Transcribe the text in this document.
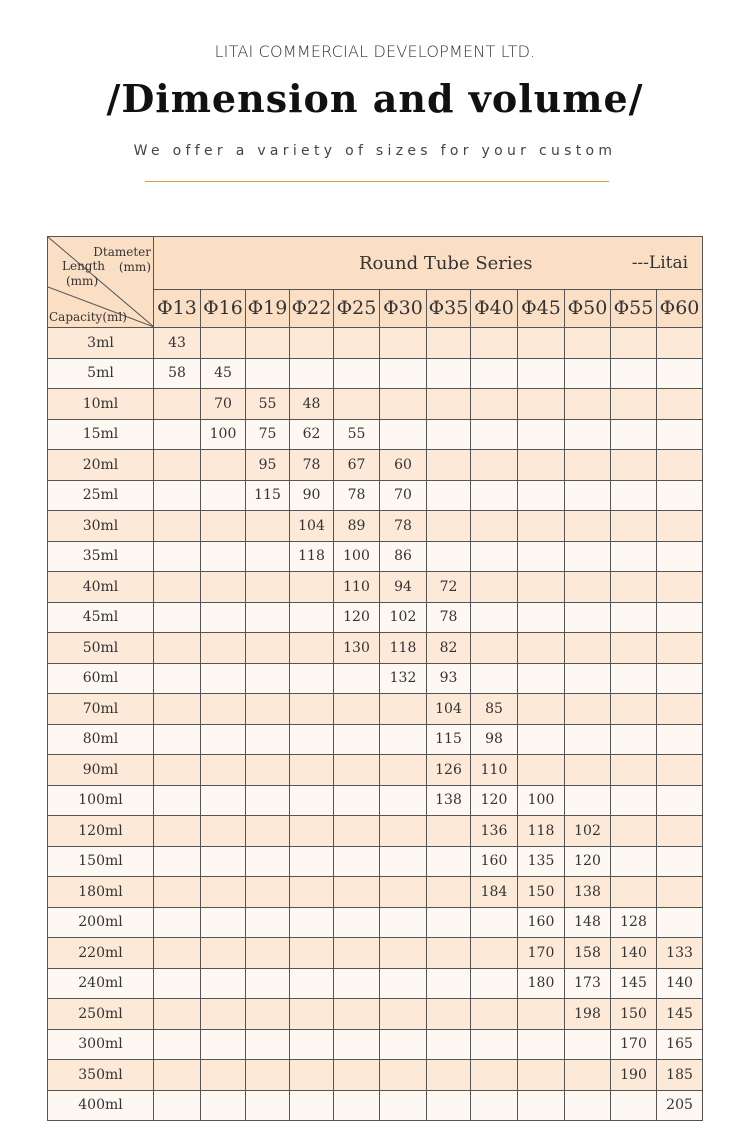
LITAI COMMERCIAL DEVELOPMENT LTD.
/Dimension and volume/
We offer a variety of sizes for your custom
Dtameter
(mm)
Length
(mm)
Capacity(ml)	Round Tube Series ---Litai											

	Φ13	Φ16	Φ19	Φ22	Φ25	Φ30	Φ35	Φ40	Φ45	Φ50	Φ55	Φ60
3ml	43											
5ml	58	45										
10ml		70	55	48								
15ml		100	75	62	55							
20ml			95	78	67	60						
25ml			115	90	78	70						
30ml				104	89	78						
35ml				118	100	86						
40ml					110	94	72					
45ml					120	102	78					
50ml					130	118	82					
60ml						132	93					
70ml							104	85				
80ml							115	98				
90ml							126	110				
100ml							138	120	100			
120ml								136	118	102		
150ml								160	135	120		
180ml								184	150	138		
200ml									160	148	128	
220ml									170	158	140	133
240ml									180	173	145	140
250ml										198	150	145
300ml											170	165
350ml											190	185
400ml												205
